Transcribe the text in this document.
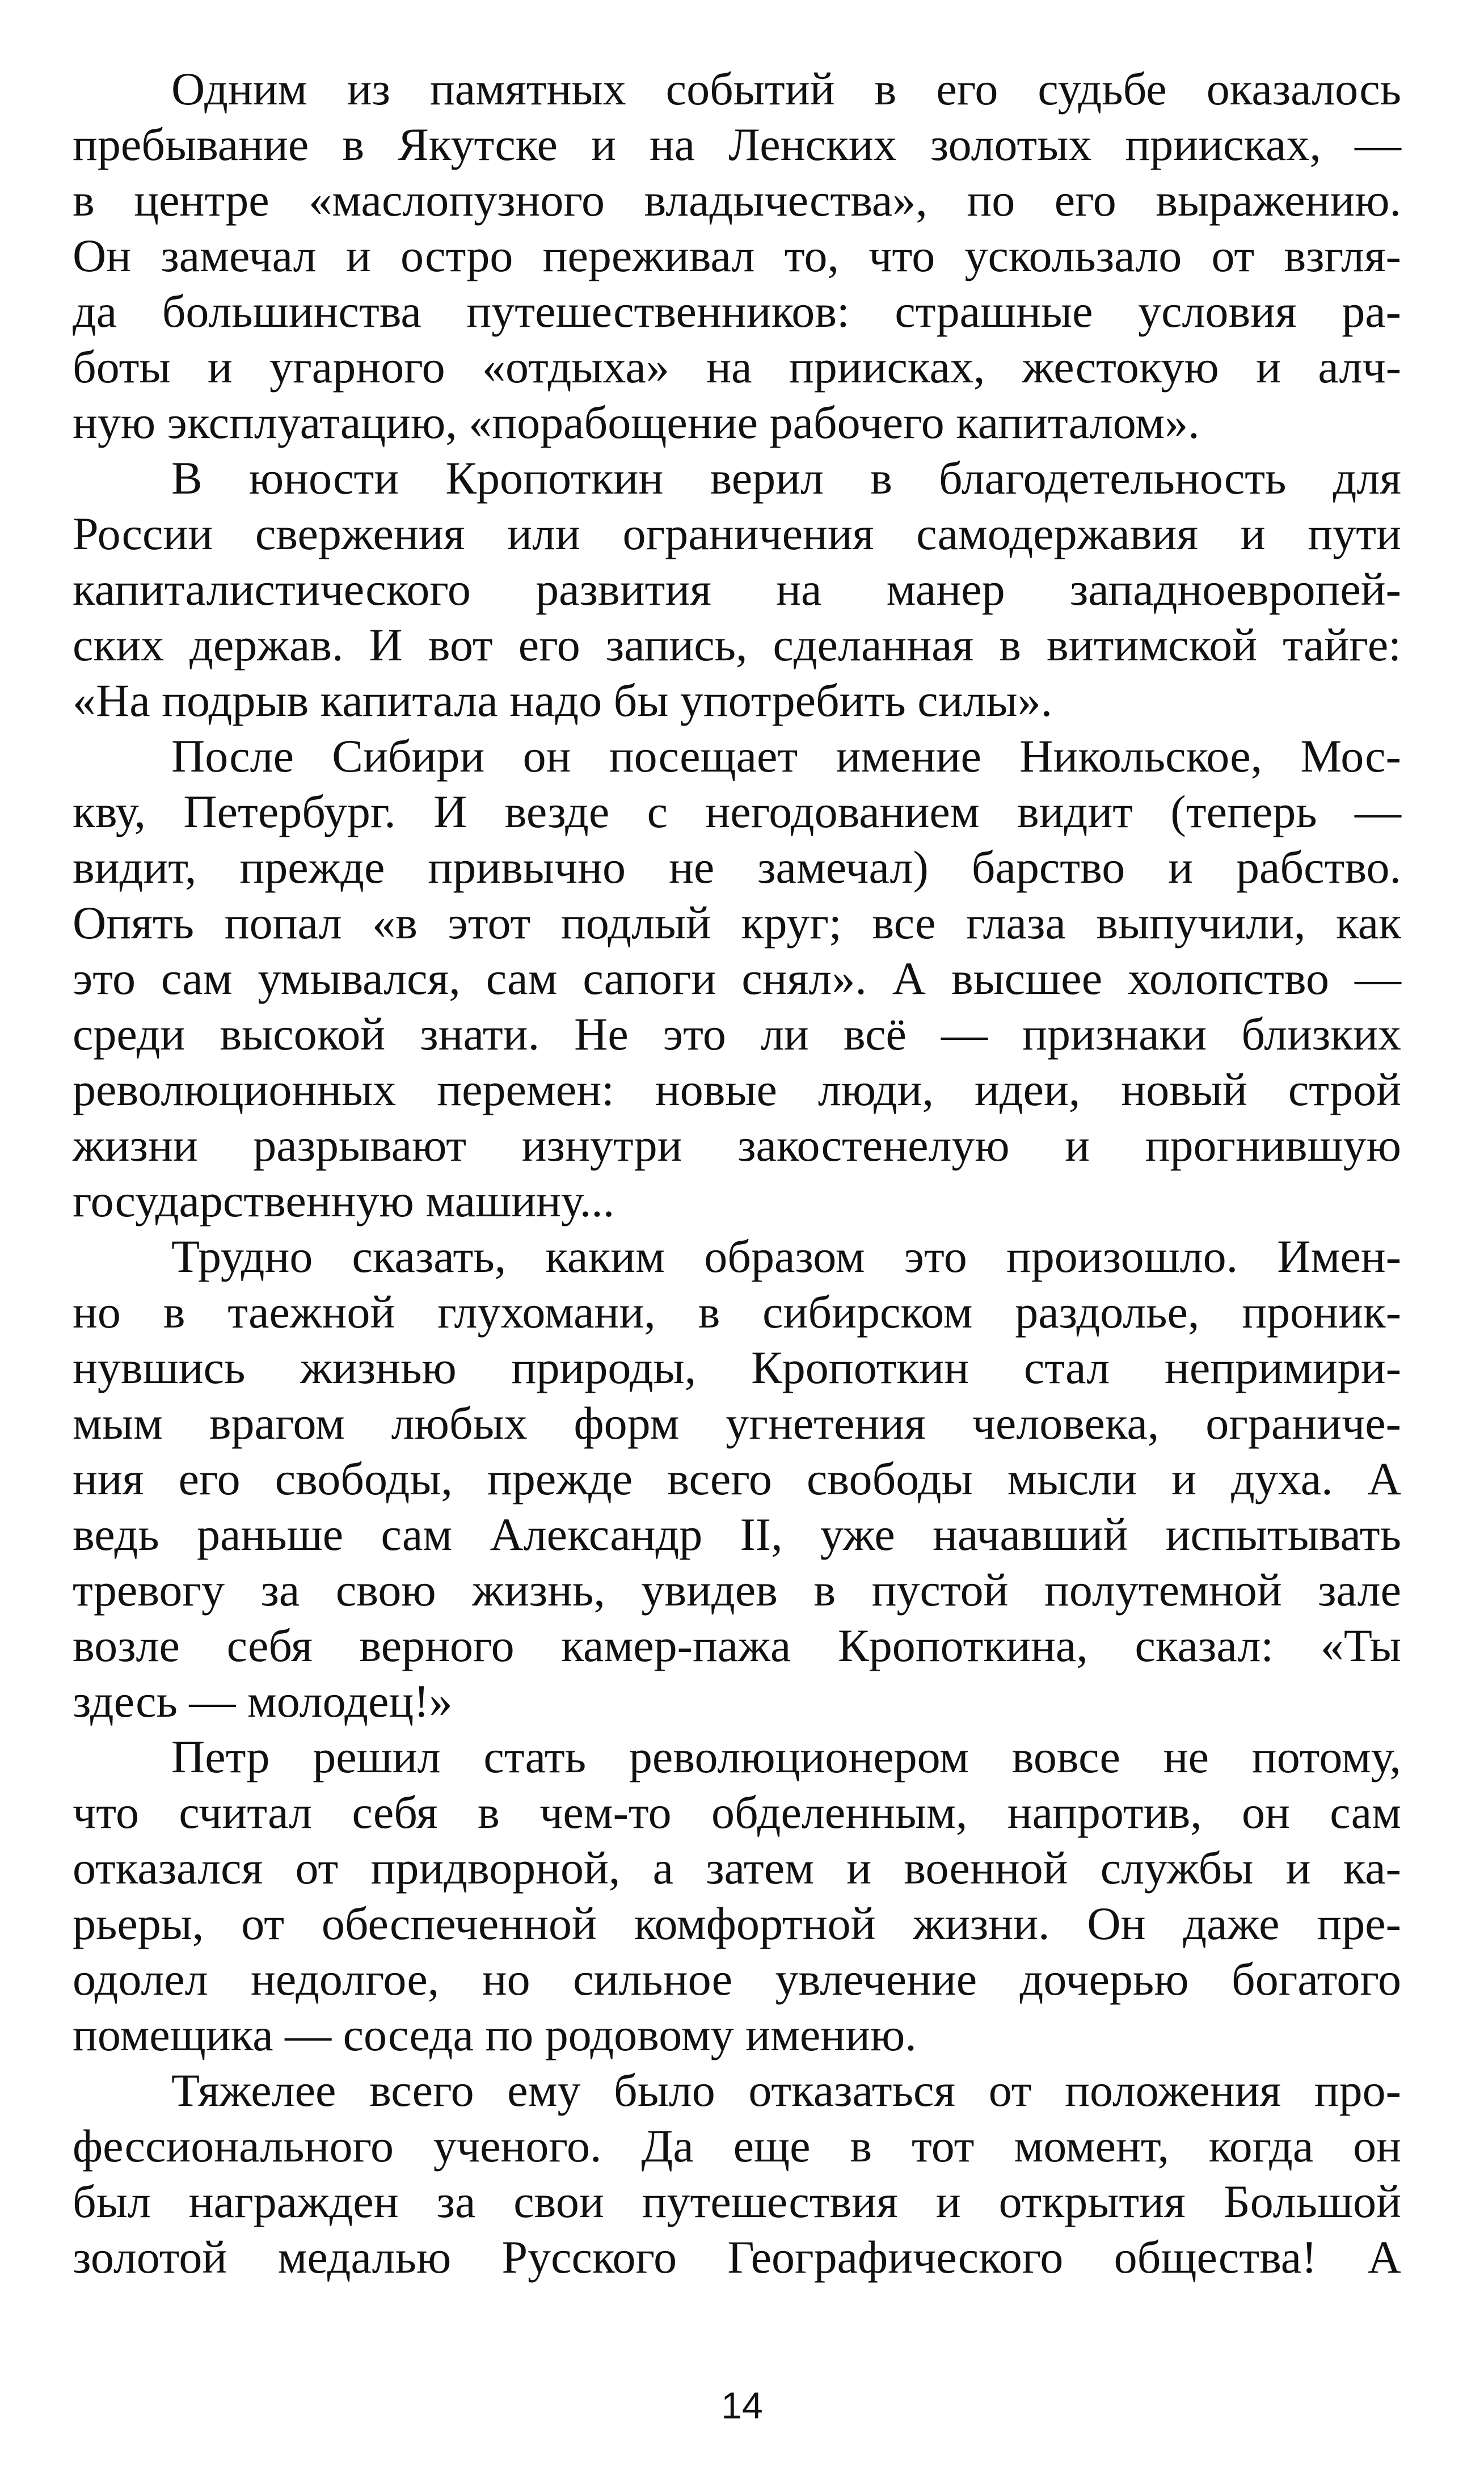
Одним из памятных событий в его судьбе оказалось
пребывание в Якутске и на Ленских золотых приисках, —
в центре «маслопузного владычества», по его выражению.
Он замечал и остро переживал то, что ускользало от взгля-
да большинства путешественников: страшные условия ра-
боты и угарного «отдыха» на приисках, жестокую и алч-
ную эксплуатацию, «порабощение рабочего капиталом».
В юности Кропоткин верил в благодетельность для
России свержения или ограничения самодержавия и пути
капиталистического развития на манер западноевропей-
ских держав. И вот его запись, сделанная в витимской тайге:
«На подрыв капитала надо бы употребить силы».
После Сибири он посещает имение Никольское, Мос-
кву, Петербург. И везде с негодованием видит (теперь —
видит, прежде привычно не замечал) барство и рабство.
Опять попал «в этот подлый круг; все глаза выпучили, как
это сам умывался, сам сапоги снял». А высшее холопство —
среди высокой знати. Не это ли всё — признаки близких
революционных перемен: новые люди, идеи, новый строй
жизни разрывают изнутри закостенелую и прогнившую
государственную машину...
Трудно сказать, каким образом это произошло. Имен-
но в таежной глухомани, в сибирском раздолье, проник-
нувшись жизнью природы, Кропоткин стал непримири-
мым врагом любых форм угнетения человека, ограниче-
ния его свободы, прежде всего свободы мысли и духа. А
ведь раньше сам Александр II, уже начавший испытывать
тревогу за свою жизнь, увидев в пустой полутемной зале
возле себя верного камер-пажа Кропоткина, сказал: «Ты
здесь — молодец!»
Петр решил стать революционером вовсе не потому,
что считал себя в чем-то обделенным, напротив, он сам
отказался от придворной, а затем и военной службы и ка-
рьеры, от обеспеченной комфортной жизни. Он даже пре-
одолел недолгое, но сильное увлечение дочерью богатого
помещика — соседа по родовому имению.
Тяжелее всего ему было отказаться от положения про-
фессионального ученого. Да еще в тот момент, когда он
был награжден за свои путешествия и открытия Большой
золотой медалью Русского Географического общества! А
14
